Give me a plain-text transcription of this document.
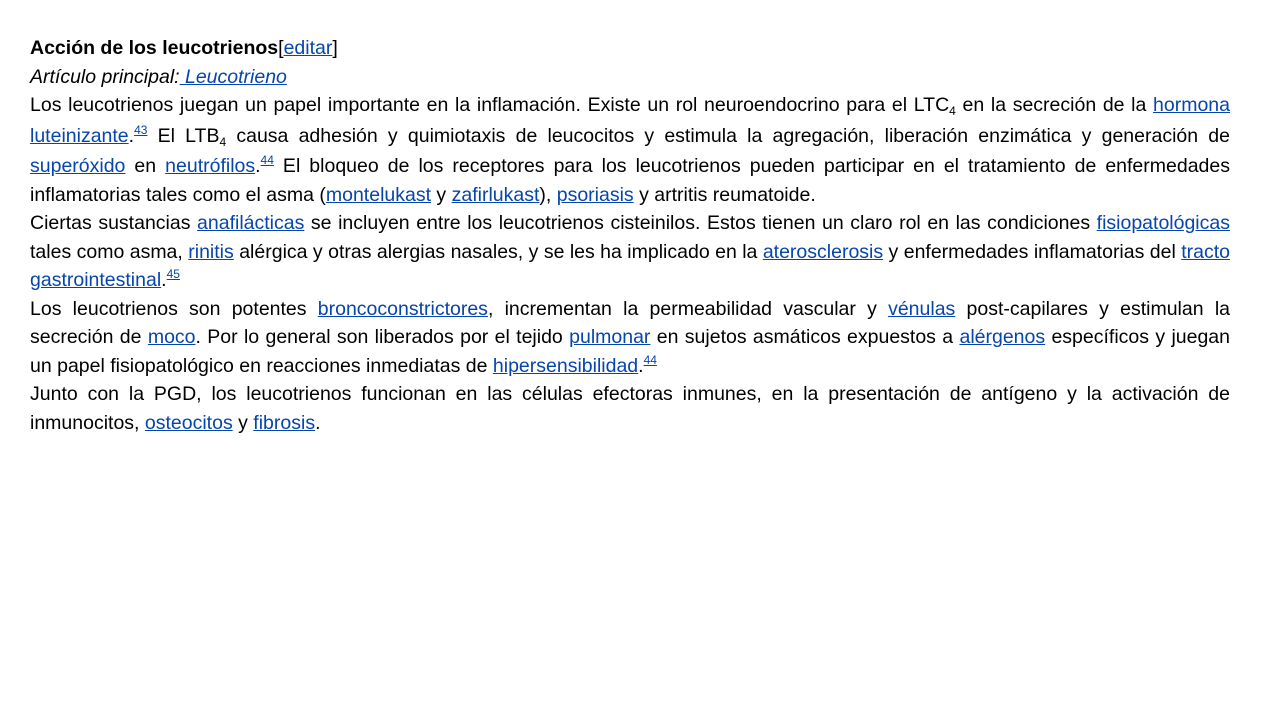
Acción de los leucotrienos[editar]

Artículo principal: Leucotrieno

Los leucotrienos juegan un papel importante en la inflamación. Existe un rol neuroendocrino para el $LTC_4$ en la secreción de la hormona luteinizante.$^{43}$ El $LTB_4$ causa adhesión y quimiotaxis de leucocitos y estimula la agregación, liberación enzimática y generación de superóxido en neutrófilos.$^{44}$ El bloqueo de los receptores para los leucotrienos pueden participar en el tratamiento de enfermedades inflamatorias tales como el asma (montelukast y zafirlukast), psoriasis y artritis reumatoide.

Ciertas sustancias anafilácticas se incluyen entre los leucotrienos cisteinilos. Estos tienen un claro rol en las condiciones fisiopatológicas tales como asma, rinitis alérgica y otras alergias nasales, y se les ha implicado en la aterosclerosis y enfermedades inflamatorias del tracto gastrointestinal.$^{45}$

Los leucotrienos son potentes broncoconstrictores, incrementan la permeabilidad vascular y vénulas post-capilares y estimulan la secreción de moco. Por lo general son liberados por el tejido pulmonar en sujetos asmáticos expuestos a alérgenos específicos y juegan un papel fisiopatológico en reacciones inmediatas de hipersensibilidad.$^{44}$

Junto con la PGD, los leucotrienos funcionan en las células efectoras inmunes, en la presentación de antígeno y la activación de inmunocitos, osteocitos y fibrosis.
